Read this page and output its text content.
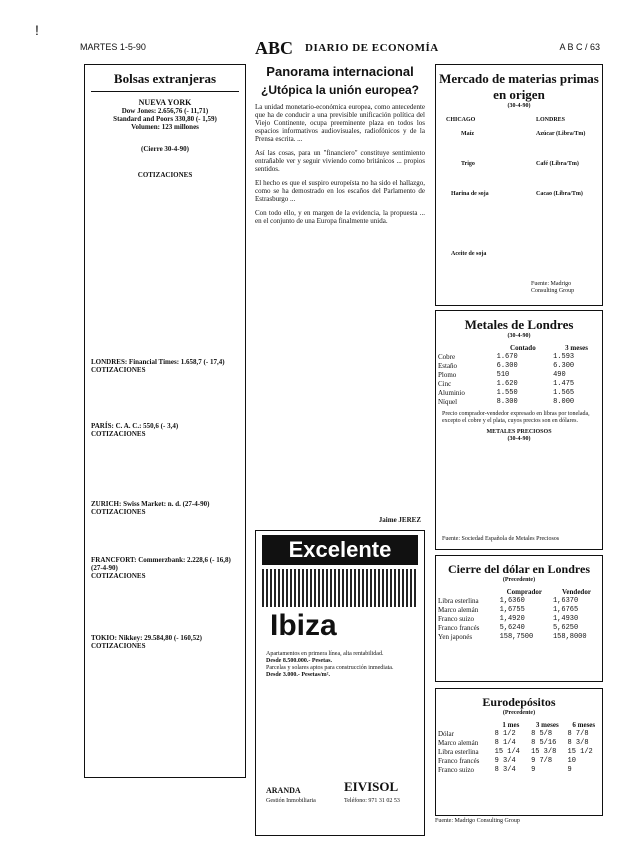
!
MARTES 1-5-90	ABC DIARIO DE ECONOMÍA	A B C / 63
Bolsas extranjeras
NUEVA YORK
Dow Jones: 2.656,76 (- 11,71)
Standard and Poors 330,80 (- 1,59)
Volumen: 123 millones
(Cierre 30-4-90)
COTIZACIONES
LONDRES: Financial Times: 1.658,7 (- 17,4)
COTIZACIONES
PARÍS: C. A. C.: 550,6 (- 3,4)
COTIZACIONES
ZURICH: Swiss Market: n. d. (27-4-90)
COTIZACIONES
FRANCFORT: Commerzbank: 2.228,6 (- 16,8) (27-4-90)
COTIZACIONES
TOKIO: Nikkey: 29.584,80 (- 160,52)
COTIZACIONES
Panorama internacional
¿Utópica la unión europea?

La unidad monetario-económica europea, como antecedente que ha de conducir a una previsible unificación política del Viejo Continente, ocupa preeminente plaza en todos los espacios informativos audiovisuales, radiofónicos y de la Prensa escrita. ...

Así las cosas, para un "financiero" constituye sentimiento entrañable ver y seguir viviendo como británicos ... propios sentidos.

El hecho es que el suspiro europeísta no ha sido el hallazgo, como se ha demostrado en los escaños del Parlamento de Estrasburgo ...

Con todo ello, y en margen de la evidencia, la propuesta ... en el conjunto de una Europa finalmente unida.

Jaime JEREZ
Excelente
Ibiza
Apartamentos en primera línea, alta rentabilidad.
Desde 8.500.000.- Pesetas.
Parcelas y solares aptos para construcción inmediata.
Desde 3.000.- Pesetas/m².
ARANDA
Gestión Inmobiliaria
EIVISOL
Teléfono: 971 31 02 53
Mercado de materias primas en origen
(30-4-90)
CHICAGO	LONDRES
Maíz	Azúcar (Libra/Tm)
Trigo	Café (Libra/Tm)
Harina de soja	Cacao (Libra/Tm)
Aceite de soja
Fuente: Madrigo Consulting Group
Metales de Londres
(30-4-90)
	Contado	3 meses
Cobre	1.670	1.593
Estaño	6.300	6.300
Plomo	510	490
Cinc	1.620	1.475
Aluminio	1.550	1.565
Níquel	8.300	8.000
Precio comprador-vendedor expresado en libras por tonelada, excepto el cobre y el plata, cuyos precios son en dólares.
METALES PRECIOSOS
(30-4-90)
Fuente: Sociedad Española de Metales Preciosos
Cierre del dólar en Londres
(Precedente)
	Comprador	Vendedor
Libra esterlina	1,6360	1,6370
Marco alemán	1,6755	1,6765
Franco suizo	1,4920	1,4930
Franco francés	5,6240	5,6250
Yen japonés	158,7500	158,8000
Eurodepósitos
(Precedente)
	1 mes	3 meses	6 meses
Dólar	8 1/2	8 5/8	8 7/8
Marco alemán	8 1/4	8 5/16	8 3/8
Libra esterlina	15 1/4	15 3/8	15 1/2
Franco francés	9 3/4	9 7/8	10
Franco suizo	8 3/4	9	9
Fuente: Madrigo Consulting Group
